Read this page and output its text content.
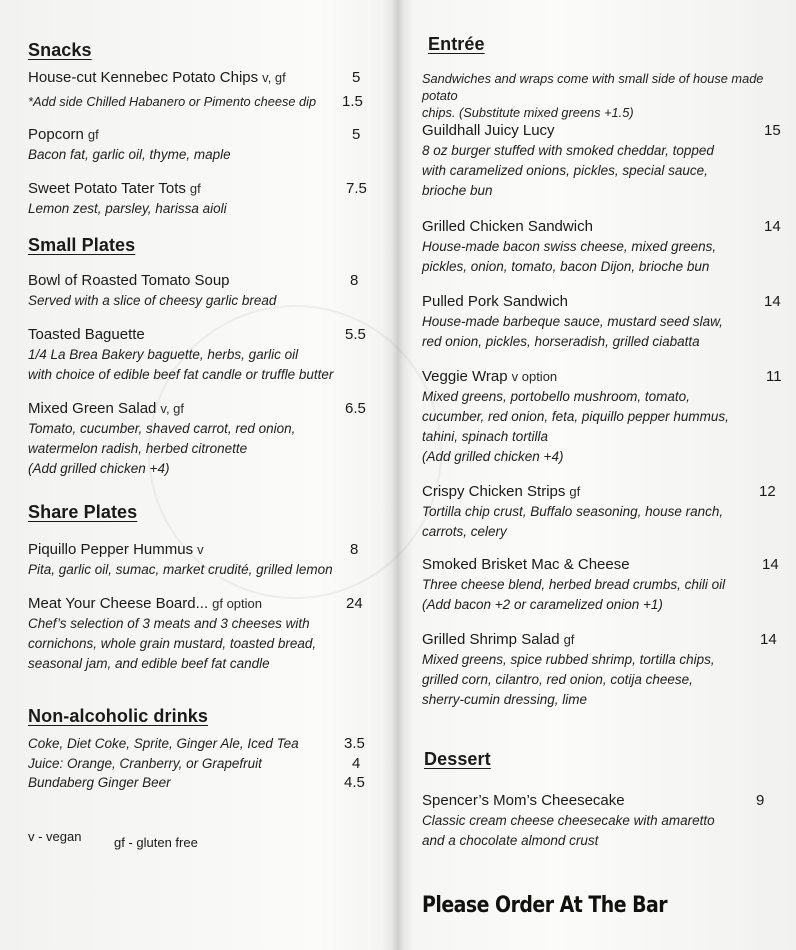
Snacks
House-cut Kennebec Potato Chips v, gf	5
*Add side Chilled Habanero or Pimento cheese dip	1.5
Popcorn gf
Bacon fat, garlic oil, thyme, maple
5
Sweet Potato Tater Tots gf
Lemon zest, parsley, harissa aioli
7.5
Small Plates
Bowl of Roasted Tomato Soup
Served with a slice of cheesy garlic bread
8
Toasted Baguette
1/4 La Brea Bakery baguette, herbs, garlic oil
with choice of edible beef fat candle or truffle butter
5.5
Mixed Green Salad v, gf
Tomato, cucumber, shaved carrot, red onion,
watermelon radish, herbed citronette
(Add grilled chicken +4)
6.5
Share Plates
Piquillo Pepper Hummus v
Pita, garlic oil, sumac, market crudité, grilled lemon
8
Meat Your Cheese Board... gf option
Chef’s selection of 3 meats and 3 cheeses with
cornichons, whole grain mustard, toasted bread,
seasonal jam, and edible beef fat candle
24
Non-alcoholic drinks
Coke, Diet Coke, Sprite, Ginger Ale, Iced Tea	3.5
Juice: Orange, Cranberry, or Grapefruit	4
Bundaberg Ginger Beer	4.5
v - vegan	gf - gluten free
Entrée
Sandwiches and wraps come with small side of house made potato
chips. (Substitute mixed greens +1.5)
Guildhall Juicy Lucy
8 oz burger stuffed with smoked cheddar, topped
with caramelized onions, pickles, special sauce,
brioche bun
15
Grilled Chicken Sandwich
House-made bacon swiss cheese, mixed greens,
pickles, onion, tomato, bacon Dijon, brioche bun
14
Pulled Pork Sandwich
House-made barbeque sauce, mustard seed slaw,
red onion, pickles, horseradish, grilled ciabatta
14
Veggie Wrap v option
Mixed greens, portobello mushroom, tomato,
cucumber, red onion, feta, piquillo pepper hummus,
tahini, spinach tortilla
(Add grilled chicken +4)
11
Crispy Chicken Strips gf
Tortilla chip crust, Buffalo seasoning, house ranch,
carrots, celery
12
Smoked Brisket Mac & Cheese
Three cheese blend, herbed bread crumbs, chili oil
(Add bacon +2 or caramelized onion +1)
14
Grilled Shrimp Salad gf
Mixed greens, spice rubbed shrimp, tortilla chips,
grilled corn, cilantro, red onion, cotija cheese,
sherry-cumin dressing, lime
14
Dessert
Spencer’s Mom’s Cheesecake
Classic cream cheese cheesecake with amaretto
and a chocolate almond crust
9
Please Order At The Bar
